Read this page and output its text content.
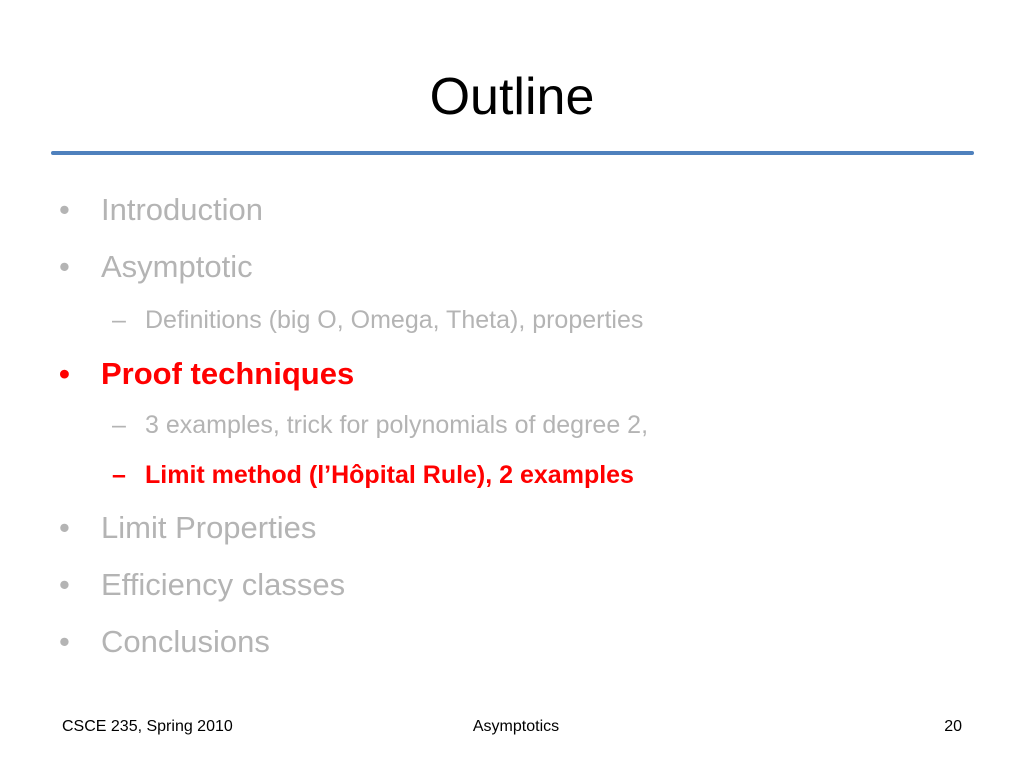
Outline
• Introduction
• Asymptotic
– Definitions (big O, Omega, Theta), properties
• Proof techniques
– 3 examples, trick for polynomials of degree 2,
– Limit method (l’Hôpital Rule), 2 examples
• Limit Properties
• Efficiency classes
• Conclusions
CSCE 235, Spring 2010	Asymptotics	20
